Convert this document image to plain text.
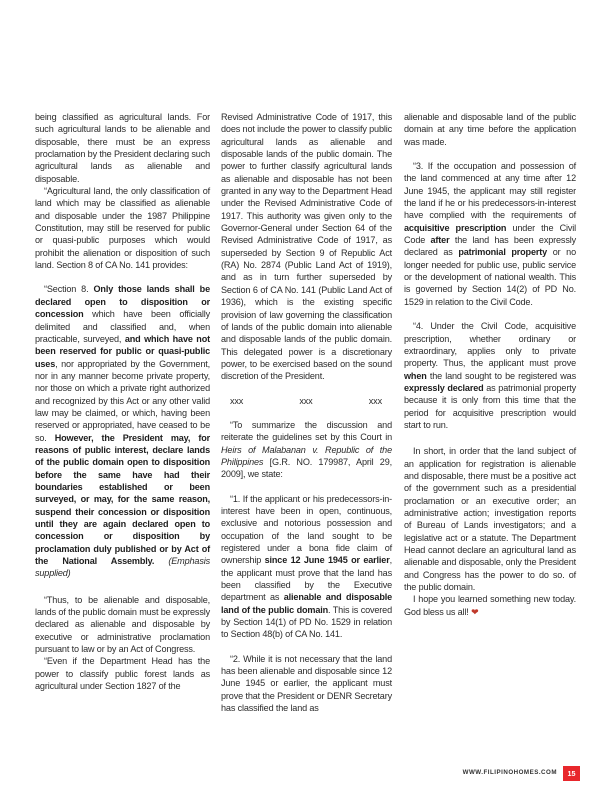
being classified as agricultural lands. For such agricultural lands to be alienable and disposable, there must be an express proclamation by the President declaring such agricultural lands as alienable and disposable.

“Agricultural land, the only classification of land which may be classified as alienable and disposable under the 1987 Philippine Constitution, may still be reserved for public or quasi-public purposes which would prohibit the alienation or disposition of such land. Section 8 of CA No. 141 provides:

“Section 8. Only those lands shall be declared open to disposition or concession which have been officially delimited and classified and, when practicable, surveyed, and which have not been reserved for public or quasi-public uses, nor appropriated by the Government, nor in any manner become private property, nor those on which a private right authorized and recognized by this Act or any other valid law may be claimed, or which, having been reserved or appropriated, have ceased to be so. However, the President may, for reasons of public interest, declare lands of the public domain open to disposition before the same have had their boundaries established or been surveyed, or may, for the same reason, suspend their concession or disposition until they are again declared open to concession or disposition by proclamation duly published or by Act of the National Assembly. (Emphasis supplied)

“Thus, to be alienable and disposable, lands of the public domain must be expressly declared as alienable and disposable by executive or administrative proclamation pursuant to law or by an Act of Congress.

“Even if the Department Head has the power to classify public forest lands as agricultural under Section 1827 of the

Revised Administrative Code of 1917, this does not include the power to classify public agricultural lands as alienable and disposable lands of the public domain. The power to further classify agricultural lands as alienable and disposable has not been granted in any way to the Department Head under the Revised Administrative Code of 1917. This authority was given only to the Governor-General under Section 64 of the Revised Administrative Code of 1917, as superseded by Section 9 of Republic Act (RA) No. 2874 (Public Land Act of 1919), and as in turn further superseded by Section 6 of CA No. 141 (Public Land Act of 1936), which is the existing specific provision of law governing the classification of lands of the public domain into alienable and disposable lands of the public domain. This delegated power is a discretionary power, to be exercised based on the sound discretion of the President.

xxx	xxx	xxx

“To summarize the discussion and reiterate the guidelines set by this Court in Heirs of Malabanan v. Republic of the Philippines [G.R. NO. 179987, April 29, 2009], we state:

“1. If the applicant or his predecessors-in-interest have been in open, continuous, exclusive and notorious possession and occupation of the land sought to be registered under a bona fide claim of ownership since 12 June 1945 or earlier, the applicant must prove that the land has been classified by the Executive department as alienable and disposable land of the public domain. This is covered by Section 14(1) of PD No. 1529 in relation to Section 48(b) of CA No. 141.

“2. While it is not necessary that the land has been alienable and disposable since 12 June 1945 or earlier, the applicant must prove that the President or DENR Secretary has classified the land as

alienable and disposable land of the public domain at any time before the application was made.

“3. If the occupation and possession of the land commenced at any time after 12 June 1945, the applicant may still register the land if he or his predecessors-in-interest have complied with the requirements of acquisitive prescription under the Civil Code after the land has been expressly declared as patrimonial property or no longer needed for public use, public service or the development of national wealth. This is governed by Section 14(2) of PD No. 1529 in relation to the Civil Code.

“4. Under the Civil Code, acquisitive prescription, whether ordinary or extraordinary, applies only to private property. Thus, the applicant must prove when the land sought to be registered was expressly declared as patrimonial property because it is only from this time that the period for acquisitive prescription would start to run.

In short, in order that the land subject of an application for registration is alienable and disposable, there must be a positive act of the government such as a presidential proclamation or an executive order; an administrative action; investigation reports of Bureau of Lands investigators; and a legislative act or a statute. The Department Head cannot declare an agricultural land as alienable and disposable, only the President and Congress has the power to do so. of the public domain.

I hope you learned something new today. God bless us all! ❤

WWW.FILIPINOHOMES.COM	15
